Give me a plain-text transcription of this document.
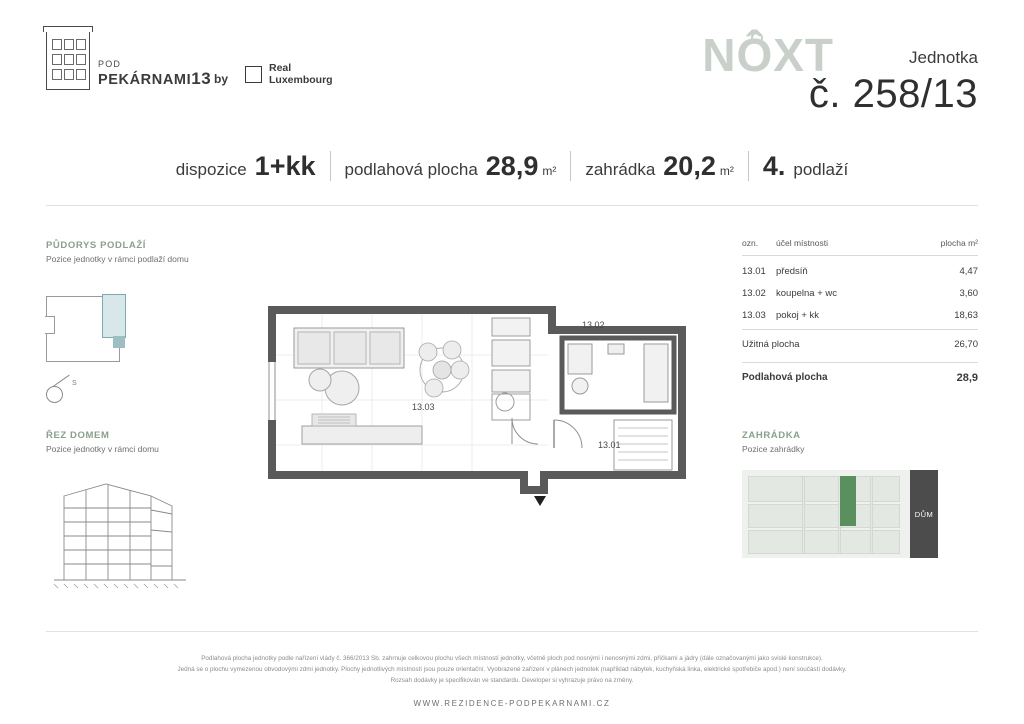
POD
PEKÁRNAMI13 by
Real
Luxembourg	NÔXT	Jednotka
č. 258/13
dispozice 1+kk podlahová plocha 28,9 m² zahrádka 20,2 m² 4. podlaží
PŮDORYS PODLAŽÍ
Pozice jednotky v rámci podlaží domu
S
ŘEZ DOMEM
Pozice jednotky v rámci domu
13.03
13.02
13.01
ozn.	účel místnosti	plocha m²
13.01	předsíň	4,47
13.02	koupelna + wc	3,60
13.03	pokoj + kk	18,63
Užitná plocha	26,70
Podlahová plocha	28,9
ZAHRÁDKA
Pozice zahrádky
DŮM
Podlahová plocha jednotky podle nařízení vlády č. 366/2013 Sb. zahrnuje celkovou plochu všech místností jednotky, včetně ploch pod nosnými i nenosnými zdmi, příčkami a jádry (dále označovanými jako svislé konstrukce).
Jedná se o plochu vymezenou obvodovými zdmi jednotky. Plochy jednotlivých místností jsou pouze orientační. Vyobrazené zařízení v plánech jednotek (například nábytek, kuchyňská linka, elektrické spotřebiče apod.) není součástí dodávky.
Rozsah dodávky je specifikován ve standardu. Developer si vyhrazuje právo na změny.
WWW.REZIDENCE-PODPEKARNAMI.CZ
